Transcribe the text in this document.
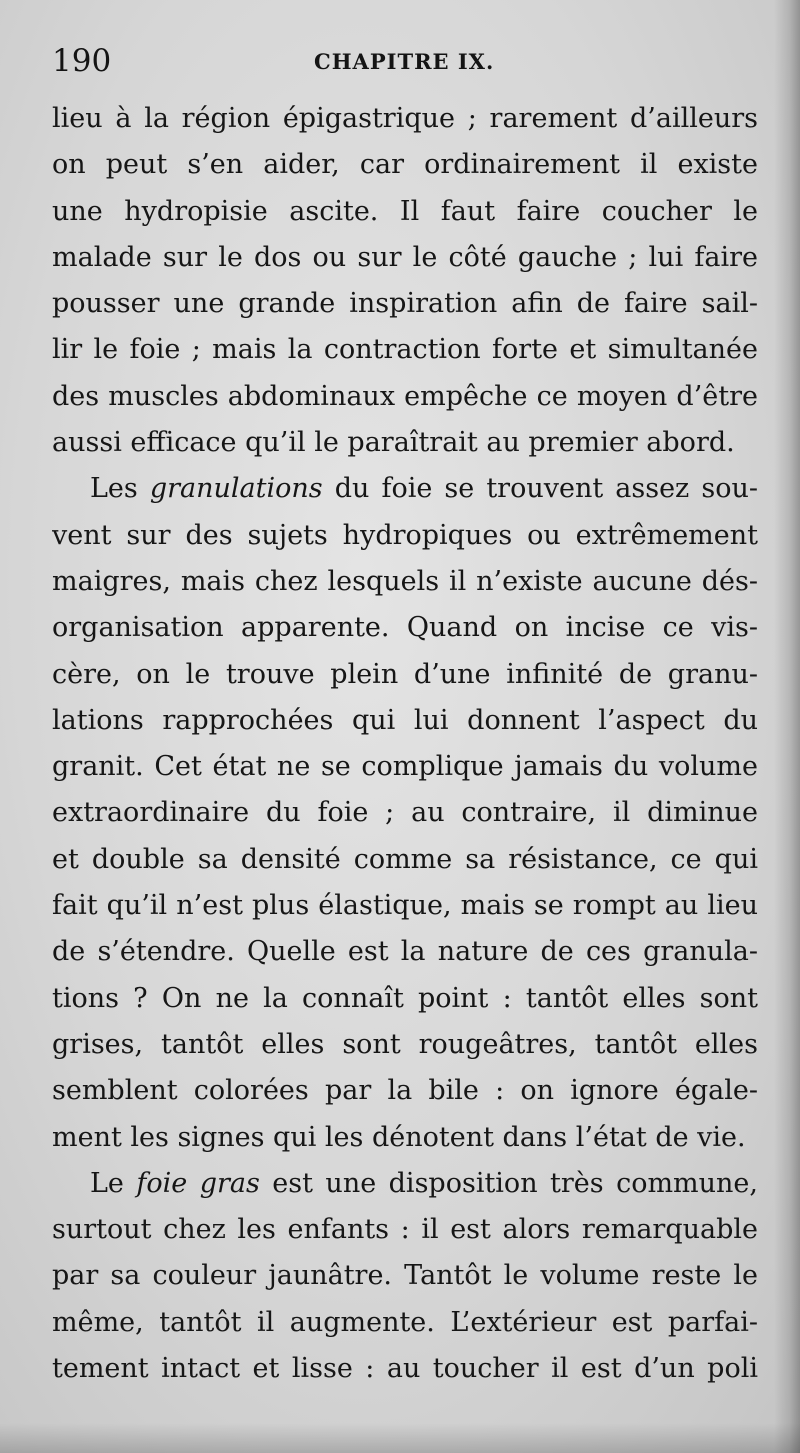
190	CHAPITRE IX.
lieu à la région épigastrique ; rarement d’ailleurs
on peut s’en aider, car ordinairement il existe
une hydropisie ascite. Il faut faire coucher le
malade sur le dos ou sur le côté gauche ; lui faire
pousser une grande inspiration afin de faire sail-
lir le foie ; mais la contraction forte et simultanée
des muscles abdominaux empêche ce moyen d’être
aussi efficace qu’il le paraîtrait au premier abord.
Les granulations du foie se trouvent assez sou-
vent sur des sujets hydropiques ou extrêmement
maigres, mais chez lesquels il n’existe aucune dés-
organisation apparente. Quand on incise ce vis-
cère, on le trouve plein d’une infinité de granu-
lations rapprochées qui lui donnent l’aspect du
granit. Cet état ne se complique jamais du volume
extraordinaire du foie ; au contraire, il diminue
et double sa densité comme sa résistance, ce qui
fait qu’il n’est plus élastique, mais se rompt au lieu
de s’étendre. Quelle est la nature de ces granula-
tions ? On ne la connaît point : tantôt elles sont
grises, tantôt elles sont rougeâtres, tantôt elles
semblent colorées par la bile : on ignore égale-
ment les signes qui les dénotent dans l’état de vie.
Le foie gras est une disposition très commune,
surtout chez les enfants : il est alors remarquable
par sa couleur jaunâtre. Tantôt le volume reste le
même, tantôt il augmente. L’extérieur est parfai-
tement intact et lisse : au toucher il est d’un poli
